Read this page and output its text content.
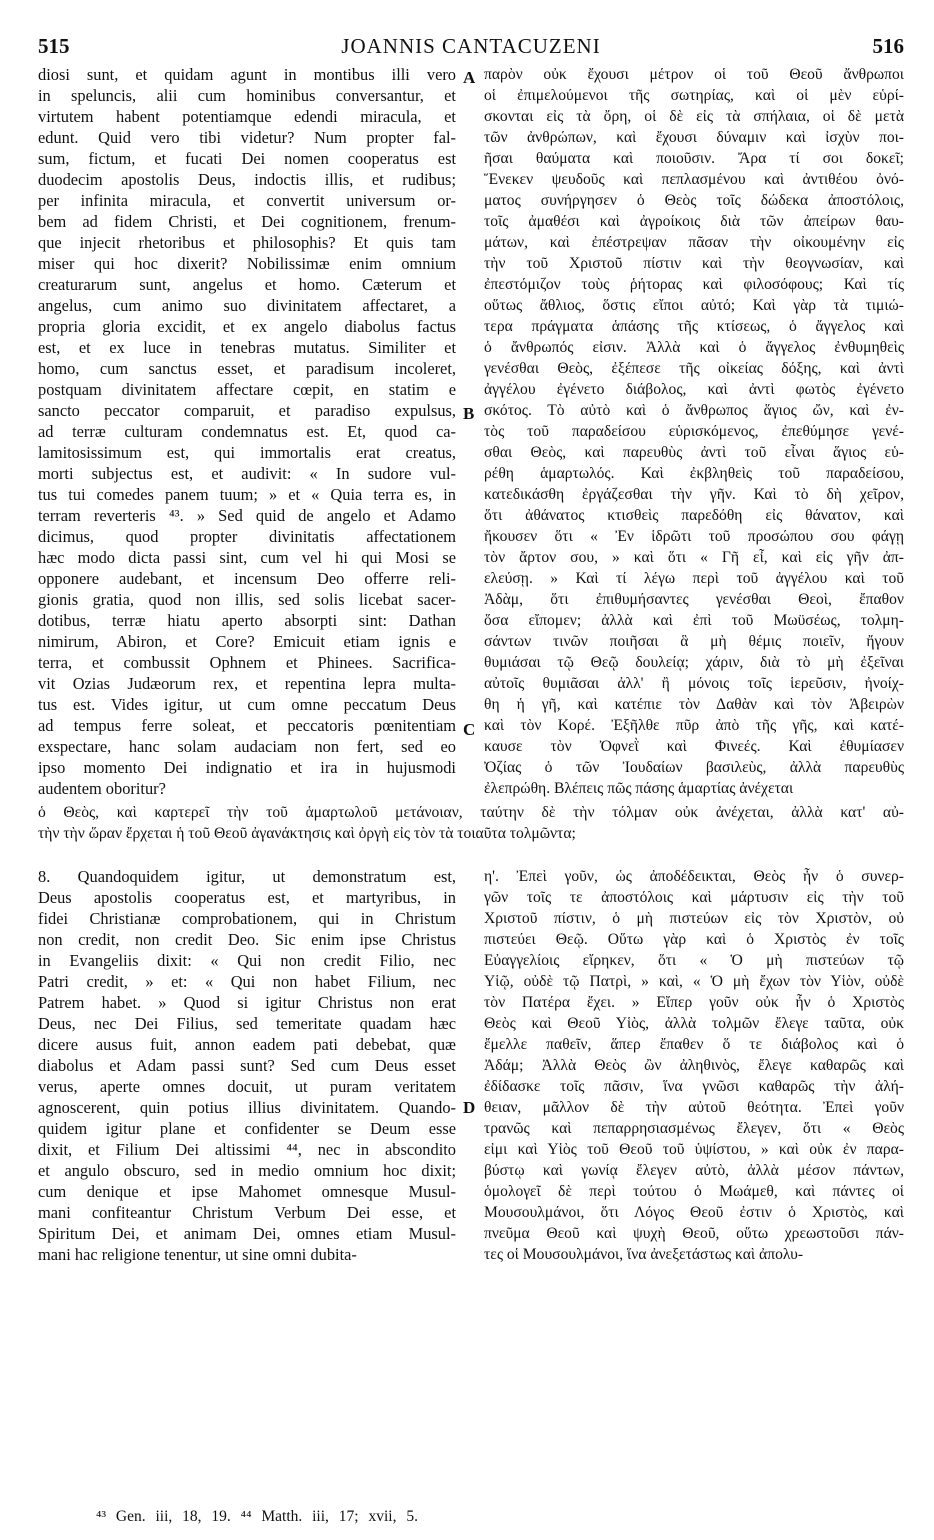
515	JOANNIS CANTACUZENI	516
diosi sunt, et quidam agunt in montibus illi vero
in speluncis, alii cum hominibus conversantur, et
virtutem habent potentiamque edendi miracula, et
edunt. Quid vero tibi videtur? Num propter fal-
sum, fictum, et fucati Dei nomen cooperatus est
duodecim apostolis Deus, indoctis illis, et rudibus;
per infinita miracula, et convertit universum or-
bem ad fidem Christi, et Dei cognitionem, frenum-
que injecit rhetoribus et philosophis? Et quis tam
miser qui hoc dixerit? Nobilissimæ enim omnium
creaturarum sunt, angelus et homo. Cæterum et
angelus, cum animo suo divinitatem affectaret, a
propria gloria excidit, et ex angelo diabolus factus
est, et ex luce in tenebras mutatus. Similiter et
homo, cum sanctus esset, et paradisum incoleret,
postquam divinitatem affectare cœpit, en statim e
sancto peccator comparuit, et paradiso expulsus,
ad terræ culturam condemnatus est. Et, quod ca-
lamitosissimum est, qui immortalis erat creatus,
morti subjectus est, et audivit: « In sudore vul-
tus tui comedes panem tuum; » et « Quia terra es, in
terram reverteris ⁴³. » Sed quid de angelo et Adamo
dicimus, quod propter divinitatis affectationem
hæc modo dicta passi sint, cum vel hi qui Mosi se
opponere audebant, et incensum Deo offerre reli-
gionis gratia, quod non illis, sed solis licebat sacer-
dotibus, terræ hiatu aperto absorpti sint: Dathan
nimirum, Abiron, et Core? Emicuit etiam ignis e
terra, et combussit Ophnem et Phinees. Sacrifica-
vit Ozias Judæorum rex, et repentina lepra multa-
tus est. Vides igitur, ut cum omne peccatum Deus
ad tempus ferre soleat, et peccatoris pœnitentiam
exspectare, hanc solam audaciam non fert, sed eo
ipso momento Dei indignatio et ira in hujusmodi
audentem oboritur?
παρὸν οὐκ ἔχουσι μέτρον οἱ τοῦ Θεοῦ ἄνθρωποι
οἱ ἐπιμελούμενοι τῆς σωτηρίας, καὶ οἱ μὲν εὑρί-
σκονται εἰς τὰ ὄρη, οἱ δὲ εἰς τὰ σπήλαια, οἱ δὲ μετὰ
τῶν ἀνθρώπων, καὶ ἔχουσι δύναμιν καὶ ἰσχὺν ποι-
ῆσαι θαύματα καὶ ποιοῦσιν. Ἄρα τί σοι δοκεῖ;
Ἕνεκεν ψευδοῦς καὶ πεπλασμένου καὶ ἀντιθέου ὀνό-
ματος συνήργησεν ὁ Θεὸς τοῖς δώδεκα ἀποστόλοις,
τοῖς ἀμαθέσι καὶ ἀγροίκοις διὰ τῶν ἀπείρων θαυ-
μάτων, καὶ ἐπέστρεψαν πᾶσαν τὴν οἰκουμένην εἰς
τὴν τοῦ Χριστοῦ πίστιν καὶ τὴν θεογνωσίαν, καὶ
ἐπεστόμιζον τοὺς ῥήτορας καὶ φιλοσόφους; Καὶ τίς
οὕτως ἄθλιος, ὅστις εἴποι αὐτό; Καὶ γὰρ τὰ τιμιώ-
τερα πράγματα ἁπάσης τῆς κτίσεως, ὁ ἄγγελος καὶ
ὁ ἄνθρωπός εἰσιν. Ἀλλὰ καὶ ὁ ἄγγελος ἐνθυμηθεὶς
γενέσθαι Θεὸς, ἐξέπεσε τῆς οἰκείας δόξης, καὶ ἀντὶ
ἀγγέλου ἐγένετο διάβολος, καὶ ἀντὶ φωτὸς ἐγένετο
σκότος. Τὸ αὐτὸ καὶ ὁ ἄνθρωπος ἅγιος ὤν, καὶ ἐν-
τὸς τοῦ παραδείσου εὑρισκόμενος, ἐπεθύμησε γενέ-
σθαι Θεὸς, καὶ παρευθὺς ἀντὶ τοῦ εἶναι ἅγιος εὑ-
ρέθη ἁμαρτωλός. Καὶ ἐκβληθεὶς τοῦ παραδείσου,
κατεδικάσθη ἐργάζεσθαι τὴν γῆν. Καὶ τὸ δὴ χεῖρον,
ὅτι ἀθάνατος κτισθεὶς παρεδόθη εἰς θάνατον, καὶ
ἤκουσεν ὅτι « Ἐν ἱδρῶτι τοῦ προσώπου σου φάγῃ
τὸν ἄρτον σου, » καὶ ὅτι « Γῆ εἶ, καὶ εἰς γῆν ἀπ-
ελεύσῃ. » Καὶ τί λέγω περὶ τοῦ ἀγγέλου καὶ τοῦ
Ἀδὰμ, ὅτι ἐπιθυμήσαντες γενέσθαι Θεοὶ, ἔπαθον
ὅσα εἴπομεν; ἀλλὰ καὶ ἐπὶ τοῦ Μωϋσέως, τολμη-
σάντων τινῶν ποιῆσαι ἃ μὴ θέμις ποιεῖν, ἤγουν
θυμιάσαι τῷ Θεῷ δουλείᾳ; χάριν, διὰ τὸ μὴ ἐξεῖναι
αὐτοῖς θυμιᾶσαι ἀλλ' ἢ μόνοις τοῖς ἱερεῦσιν, ἠνοίχ-
θη ἡ γῆ, καὶ κατέπιε τὸν Δαθὰν καὶ τὸν Ἀβειρὼν
καὶ τὸν Κορέ. Ἐξῆλθε πῦρ ἀπὸ τῆς γῆς, καὶ κατέ-
καυσε τὸν Ὀφνεῒ καὶ Φινεές. Καὶ ἐθυμίασεν
Ὀζίας ὁ τῶν Ἰουδαίων βασιλεὺς, ἀλλὰ παρευθὺς
ἐλεπρώθη. Βλέπεις πῶς πάσης ἁμαρτίας ἀνέχεται
ὁ Θεὸς, καὶ καρτερεῖ τὴν τοῦ ἁμαρτωλοῦ μετάνοιαν, ταύτην δὲ τὴν τόλμαν οὐκ ἀνέχεται, ἀλλὰ κατ' αὐ-
τὴν τὴν ὥραν ἔρχεται ἡ τοῦ Θεοῦ ἀγανάκτησις καὶ ὀργὴ εἰς τὸν τὰ τοιαῦτα τολμῶντα;
8. Quandoquidem igitur, ut demonstratum est,
Deus apostolis cooperatus est, et martyribus, in
fidei Christianæ comprobationem, qui in Christum
non credit, non credit Deo. Sic enim ipse Christus
in Evangeliis dixit: « Qui non credit Filio, nec
Patri credit, » et: « Qui non habet Filium, nec
Patrem habet. » Quod si igitur Christus non erat
Deus, nec Dei Filius, sed temeritate quadam hæc
dicere ausus fuit, annon eadem pati debebat, quæ
diabolus et Adam passi sunt? Sed cum Deus esset
verus, aperte omnes docuit, ut puram veritatem
agnoscerent, quin potius illius divinitatem. Quando-
quidem igitur plane et confidenter se Deum esse
dixit, et Filium Dei altissimi ⁴⁴, nec in abscondito
et angulo obscuro, sed in medio omnium hoc dixit;
cum denique et ipse Mahomet omnesque Musul-
mani confiteantur Christum Verbum Dei esse, et
Spiritum Dei, et animam Dei, omnes etiam Musul-
mani hac religione tenentur, ut sine omni dubita-
η'. Ἐπεὶ γοῦν, ὡς ἀποδέδεικται, Θεὸς ἦν ὁ συνερ-
γῶν τοῖς τε ἀποστόλοις καὶ μάρτυσιν εἰς τὴν τοῦ
Χριστοῦ πίστιν, ὁ μὴ πιστεύων εἰς τὸν Χριστὸν, οὐ
πιστεύει Θεῷ. Οὕτω γὰρ καὶ ὁ Χριστὸς ἐν τοῖς
Εὐαγγελίοις εἴρηκεν, ὅτι « Ὁ μὴ πιστεύων τῷ
Υἱῷ, οὐδὲ τῷ Πατρὶ, » καὶ, « Ὁ μὴ ἔχων τὸν Υἱὸν, οὐδὲ
τὸν Πατέρα ἔχει. » Εἴπερ γοῦν οὐκ ἦν ὁ Χριστὸς
Θεὸς καὶ Θεοῦ Υἱὸς, ἀλλὰ τολμῶν ἔλεγε ταῦτα, οὐκ
ἔμελλε παθεῖν, ἅπερ ἔπαθεν ὅ τε διάβολος καὶ ὁ
Ἀδάμ; Ἀλλὰ Θεὸς ὢν ἀληθινὸς, ἔλεγε καθαρῶς καὶ
ἐδίδασκε τοῖς πᾶσιν, ἵνα γνῶσι καθαρῶς τὴν ἀλή-
θειαν, μᾶλλον δὲ τὴν αὐτοῦ θεότητα. Ἐπεὶ γοῦν
τρανῶς καὶ πεπαρρησιασμένως ἔλεγεν, ὅτι « Θεὸς
εἰμι καὶ Υἱὸς τοῦ Θεοῦ τοῦ ὑψίστου, » καὶ οὐκ ἐν παρα-
βύστῳ καὶ γωνίᾳ ἔλεγεν αὐτὸ, ἀλλὰ μέσον πάντων,
ὁμολογεῖ δὲ περὶ τούτου ὁ Μωάμεθ, καὶ πάντες οἱ
Μουσουλμάνοι, ὅτι Λόγος Θεοῦ ἐστιν ὁ Χριστὸς, καὶ
πνεῦμα Θεοῦ καὶ ψυχὴ Θεοῦ, οὕτω χρεωστοῦσι πάν-
τες οἱ Μουσουλμάνοι, ἵνα ἀνεξετάστως καὶ ἀπολυ-
A
B
C
D
⁴³ Gen. iii, 18, 19. ⁴⁴ Matth. iii, 17; xvii, 5.
